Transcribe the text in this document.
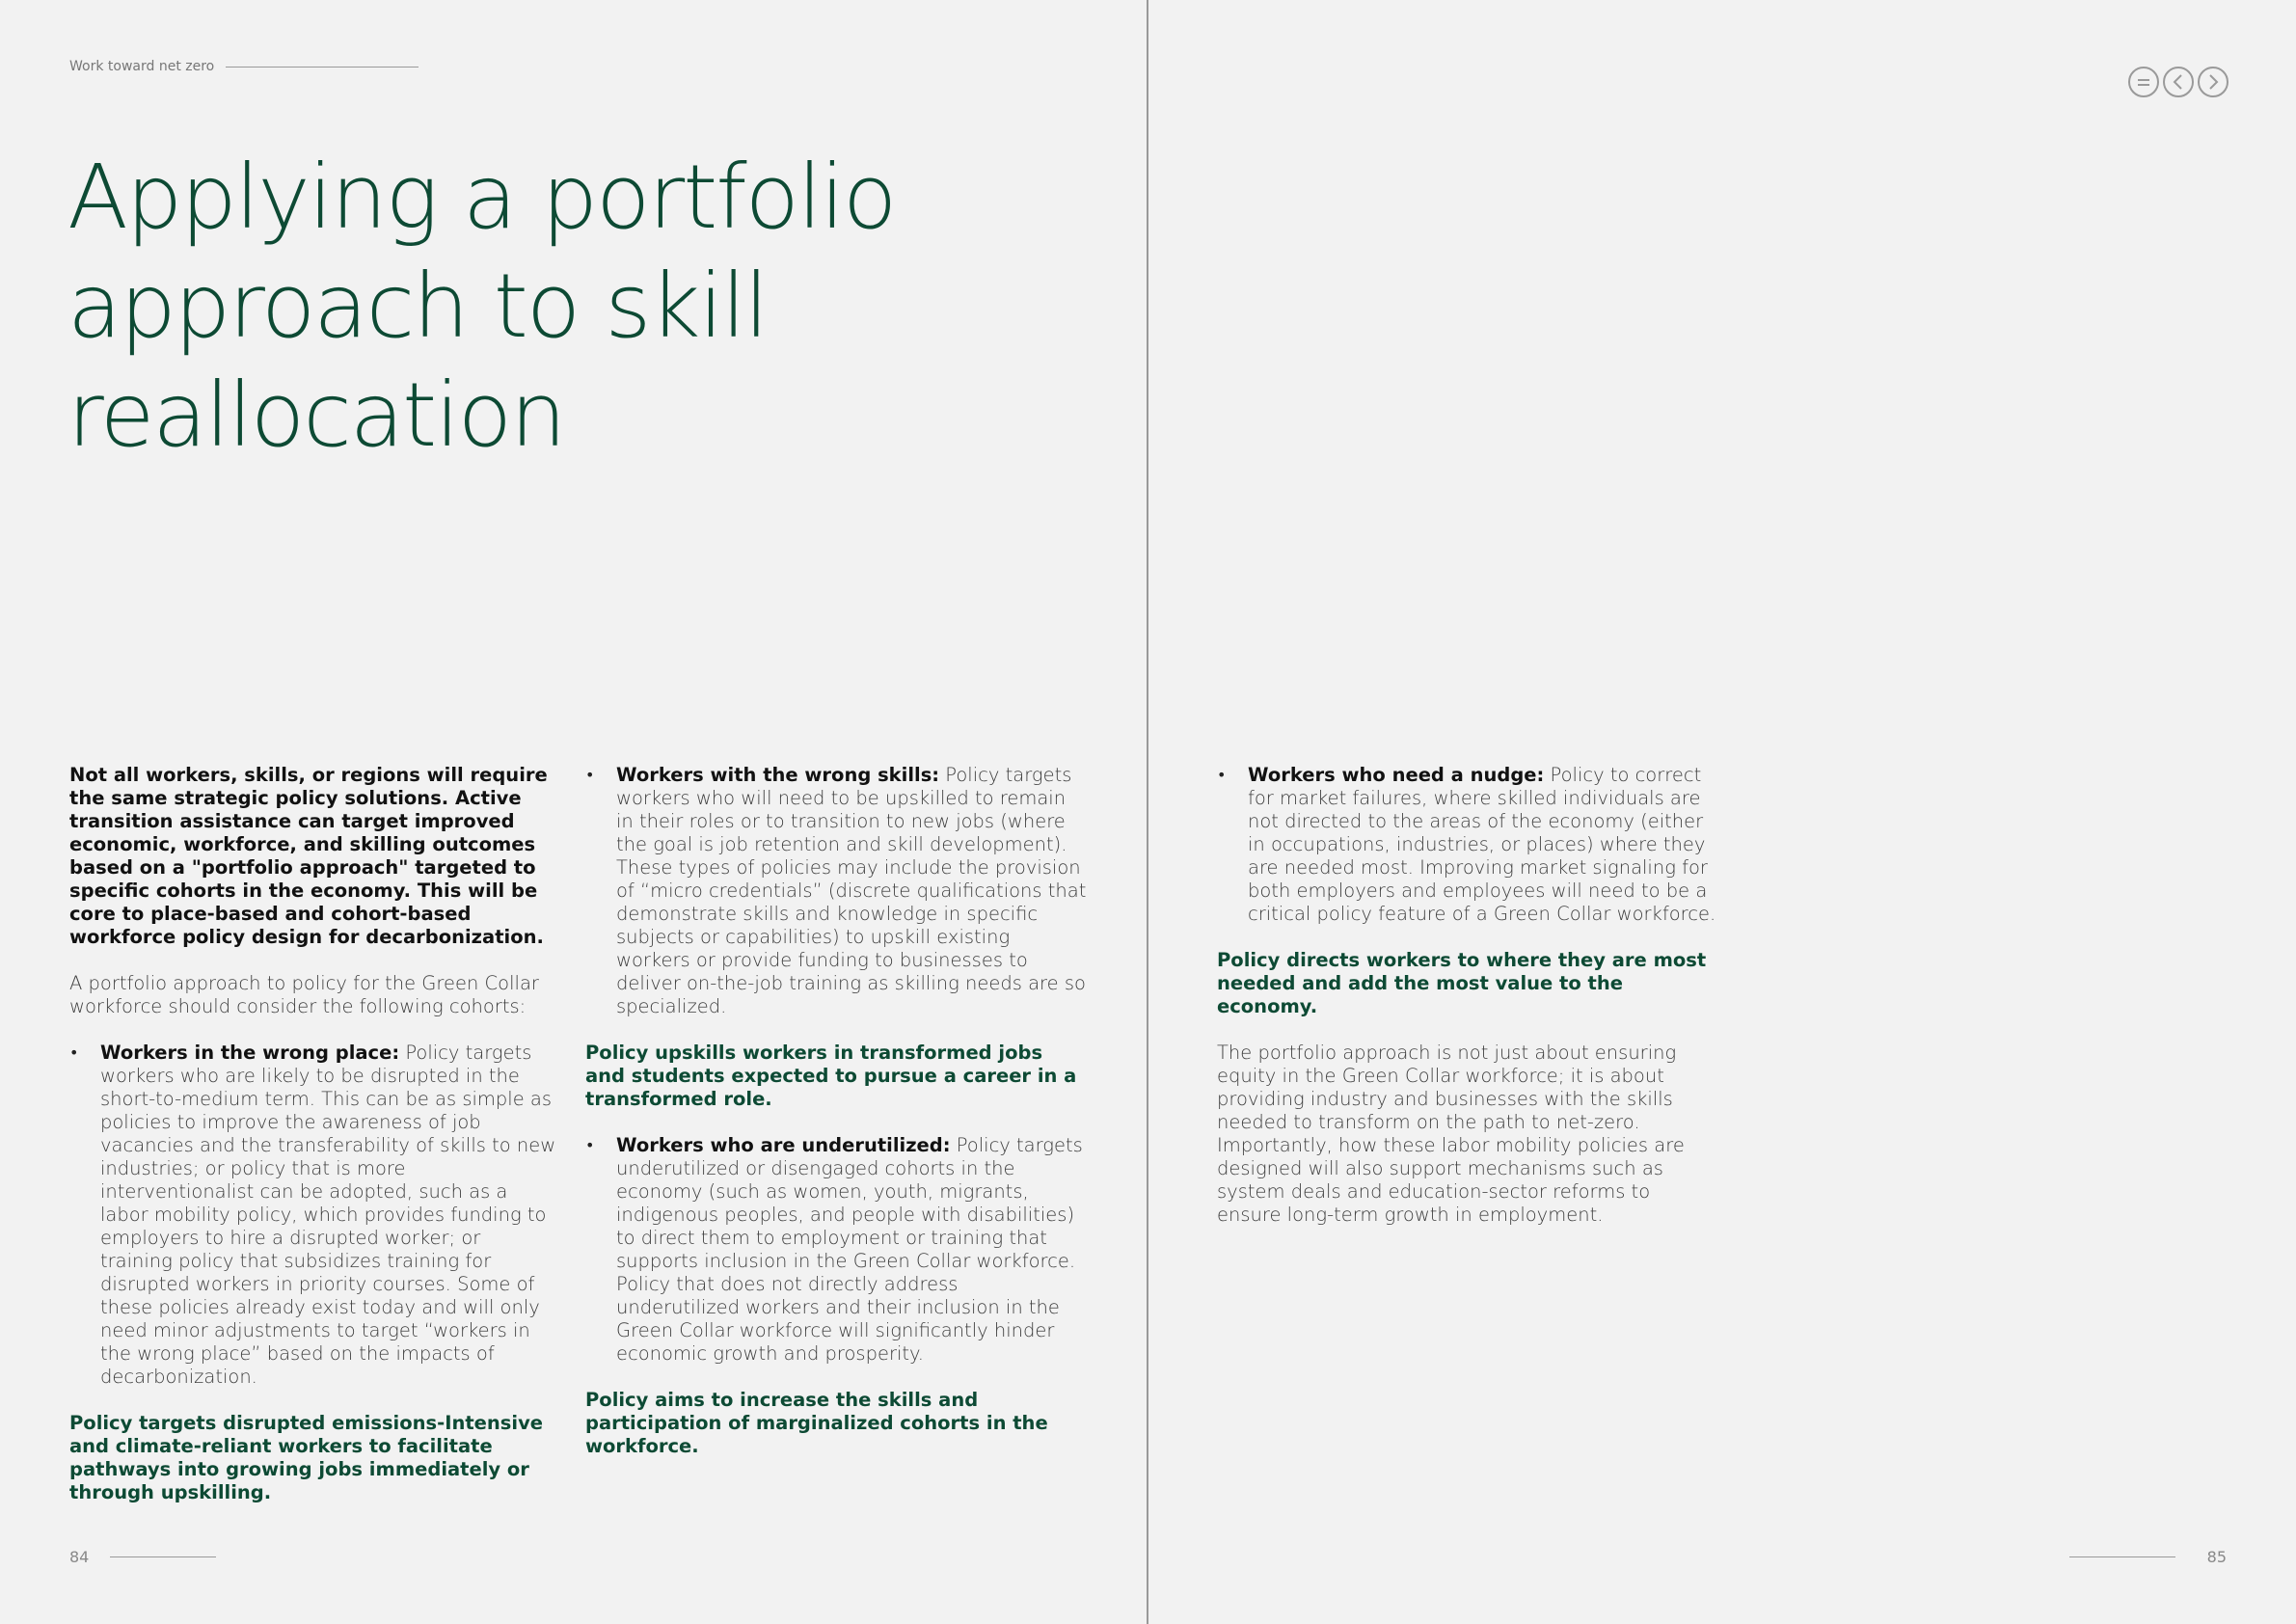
Work toward net zero
Applying a portfolio
approach to skill
reallocation

Not all workers, skills, or regions will require the same strategic policy solutions. Active transition assistance can target improved economic, workforce, and skilling outcomes based on a "portfolio approach" targeted to specific cohorts in the economy. This will be core to place-based and cohort-based workforce policy design for decarbonization.

A portfolio approach to policy for the Green Collar workforce should consider the following cohorts:

• Workers in the wrong place: Policy targets workers who are likely to be disrupted in the short-to-medium term. This can be as simple as policies to improve the awareness of job vacancies and the transferability of skills to new industries; or policy that is more interventionalist can be adopted, such as a labor mobility policy, which provides funding to employers to hire a disrupted worker; or training policy that subsidizes training for disrupted workers in priority courses. Some of these policies already exist today and will only need minor adjustments to target “workers in the wrong place” based on the impacts of decarbonization.

Policy targets disrupted emissions-Intensive and climate-reliant workers to facilitate pathways into growing jobs immediately or through upskilling.

• Workers with the wrong skills: Policy targets workers who will need to be upskilled to remain in their roles or to transition to new jobs (where the goal is job retention and skill development). These types of policies may include the provision of “micro credentials” (discrete qualifications that demonstrate skills and knowledge in specific subjects or capabilities) to upskill existing workers or provide funding to businesses to deliver on-the-job training as skilling needs are so specialized.

Policy upskills workers in transformed jobs and students expected to pursue a career in a transformed role.

• Workers who are underutilized: Policy targets underutilized or disengaged cohorts in the economy (such as women, youth, migrants, indigenous peoples, and people with disabilities) to direct them to employment or training that supports inclusion in the Green Collar workforce. Policy that does not directly address underutilized workers and their inclusion in the Green Collar workforce will significantly hinder economic growth and prosperity.

Policy aims to increase the skills and participation of marginalized cohorts in the workforce.

84
• Workers who need a nudge: Policy to correct for market failures, where skilled individuals are not directed to the areas of the economy (either in occupations, industries, or places) where they are needed most. Improving market signaling for both employers and employees will need to be a critical policy feature of a Green Collar workforce.

Policy directs workers to where they are most needed and add the most value to the economy.

The portfolio approach is not just about ensuring equity in the Green Collar workforce; it is about providing industry and businesses with the skills needed to transform on the path to net-zero. Importantly, how these labor mobility policies are designed will also support mechanisms such as system deals and education-sector reforms to ensure long-term growth in employment.

85
